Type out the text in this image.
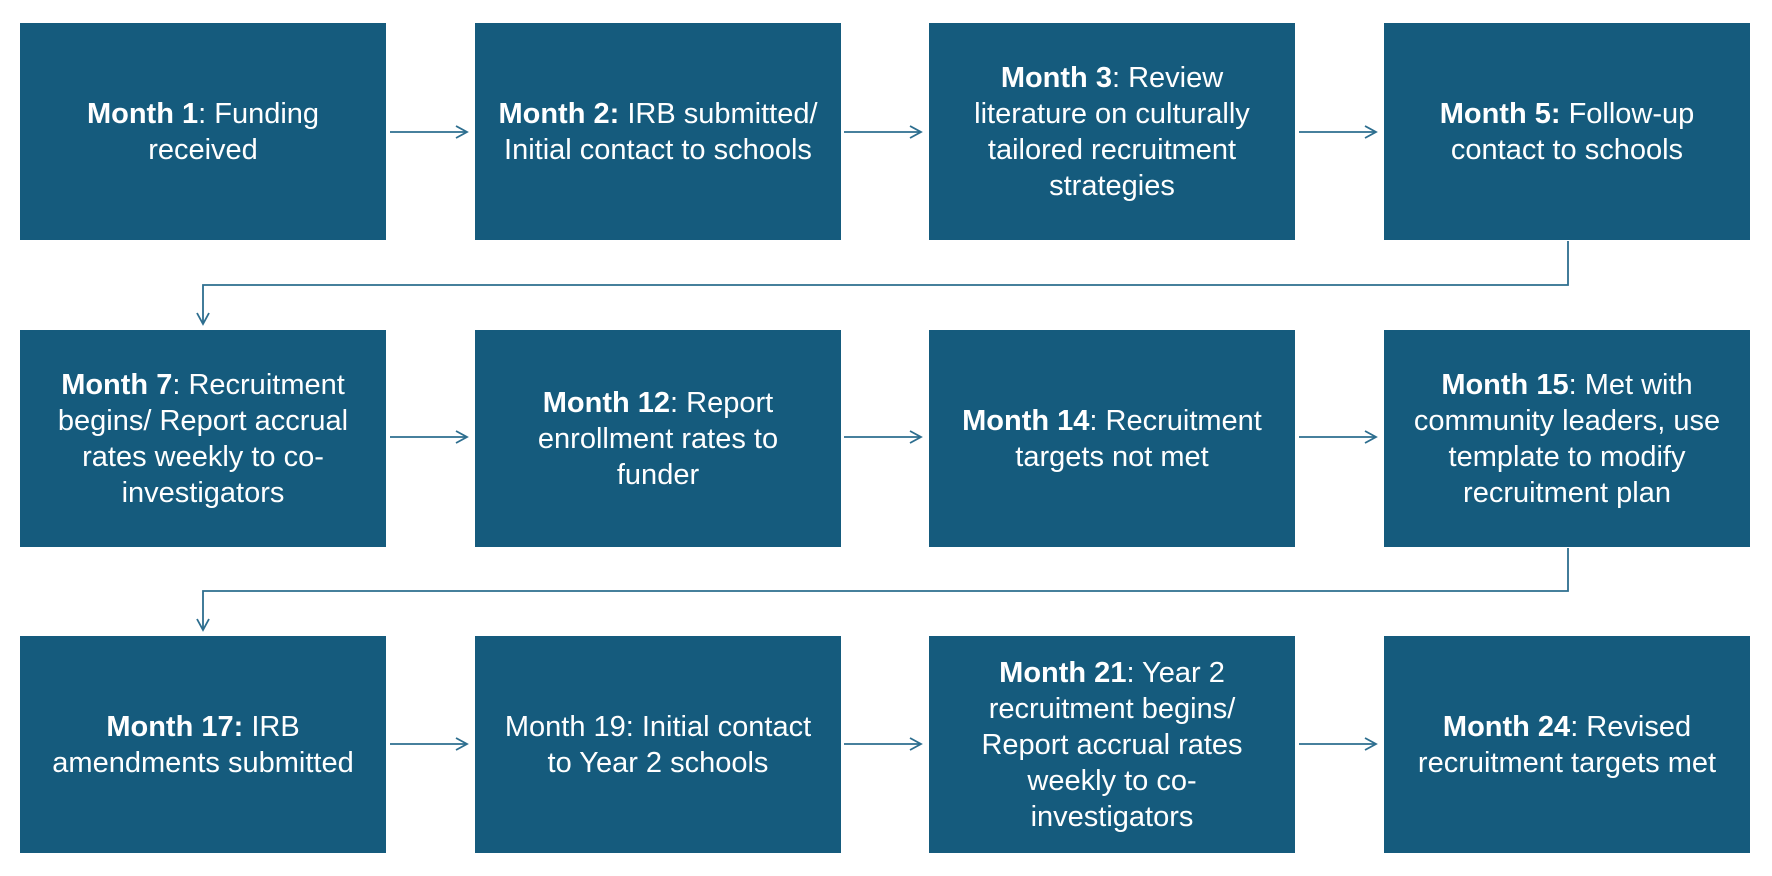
Month 1: Funding received
Month 2: IRB submitted/ Initial contact to schools
Month 3: Review literature on culturally tailored recruitment strategies
Month 5: Follow-up contact to schools
Month 7: Recruitment begins/ Report accrual rates weekly to co-investigators
Month 12: Report enrollment rates to funder
Month 14: Recruitment targets not met
Month 15: Met with community leaders, use template to modify recruitment plan
Month 17: IRB amendments submitted
Month 19: Initial contact to Year 2 schools
Month 21: Year 2 recruitment begins/ Report accrual rates weekly to co-investigators
Month 24: Revised recruitment targets met
